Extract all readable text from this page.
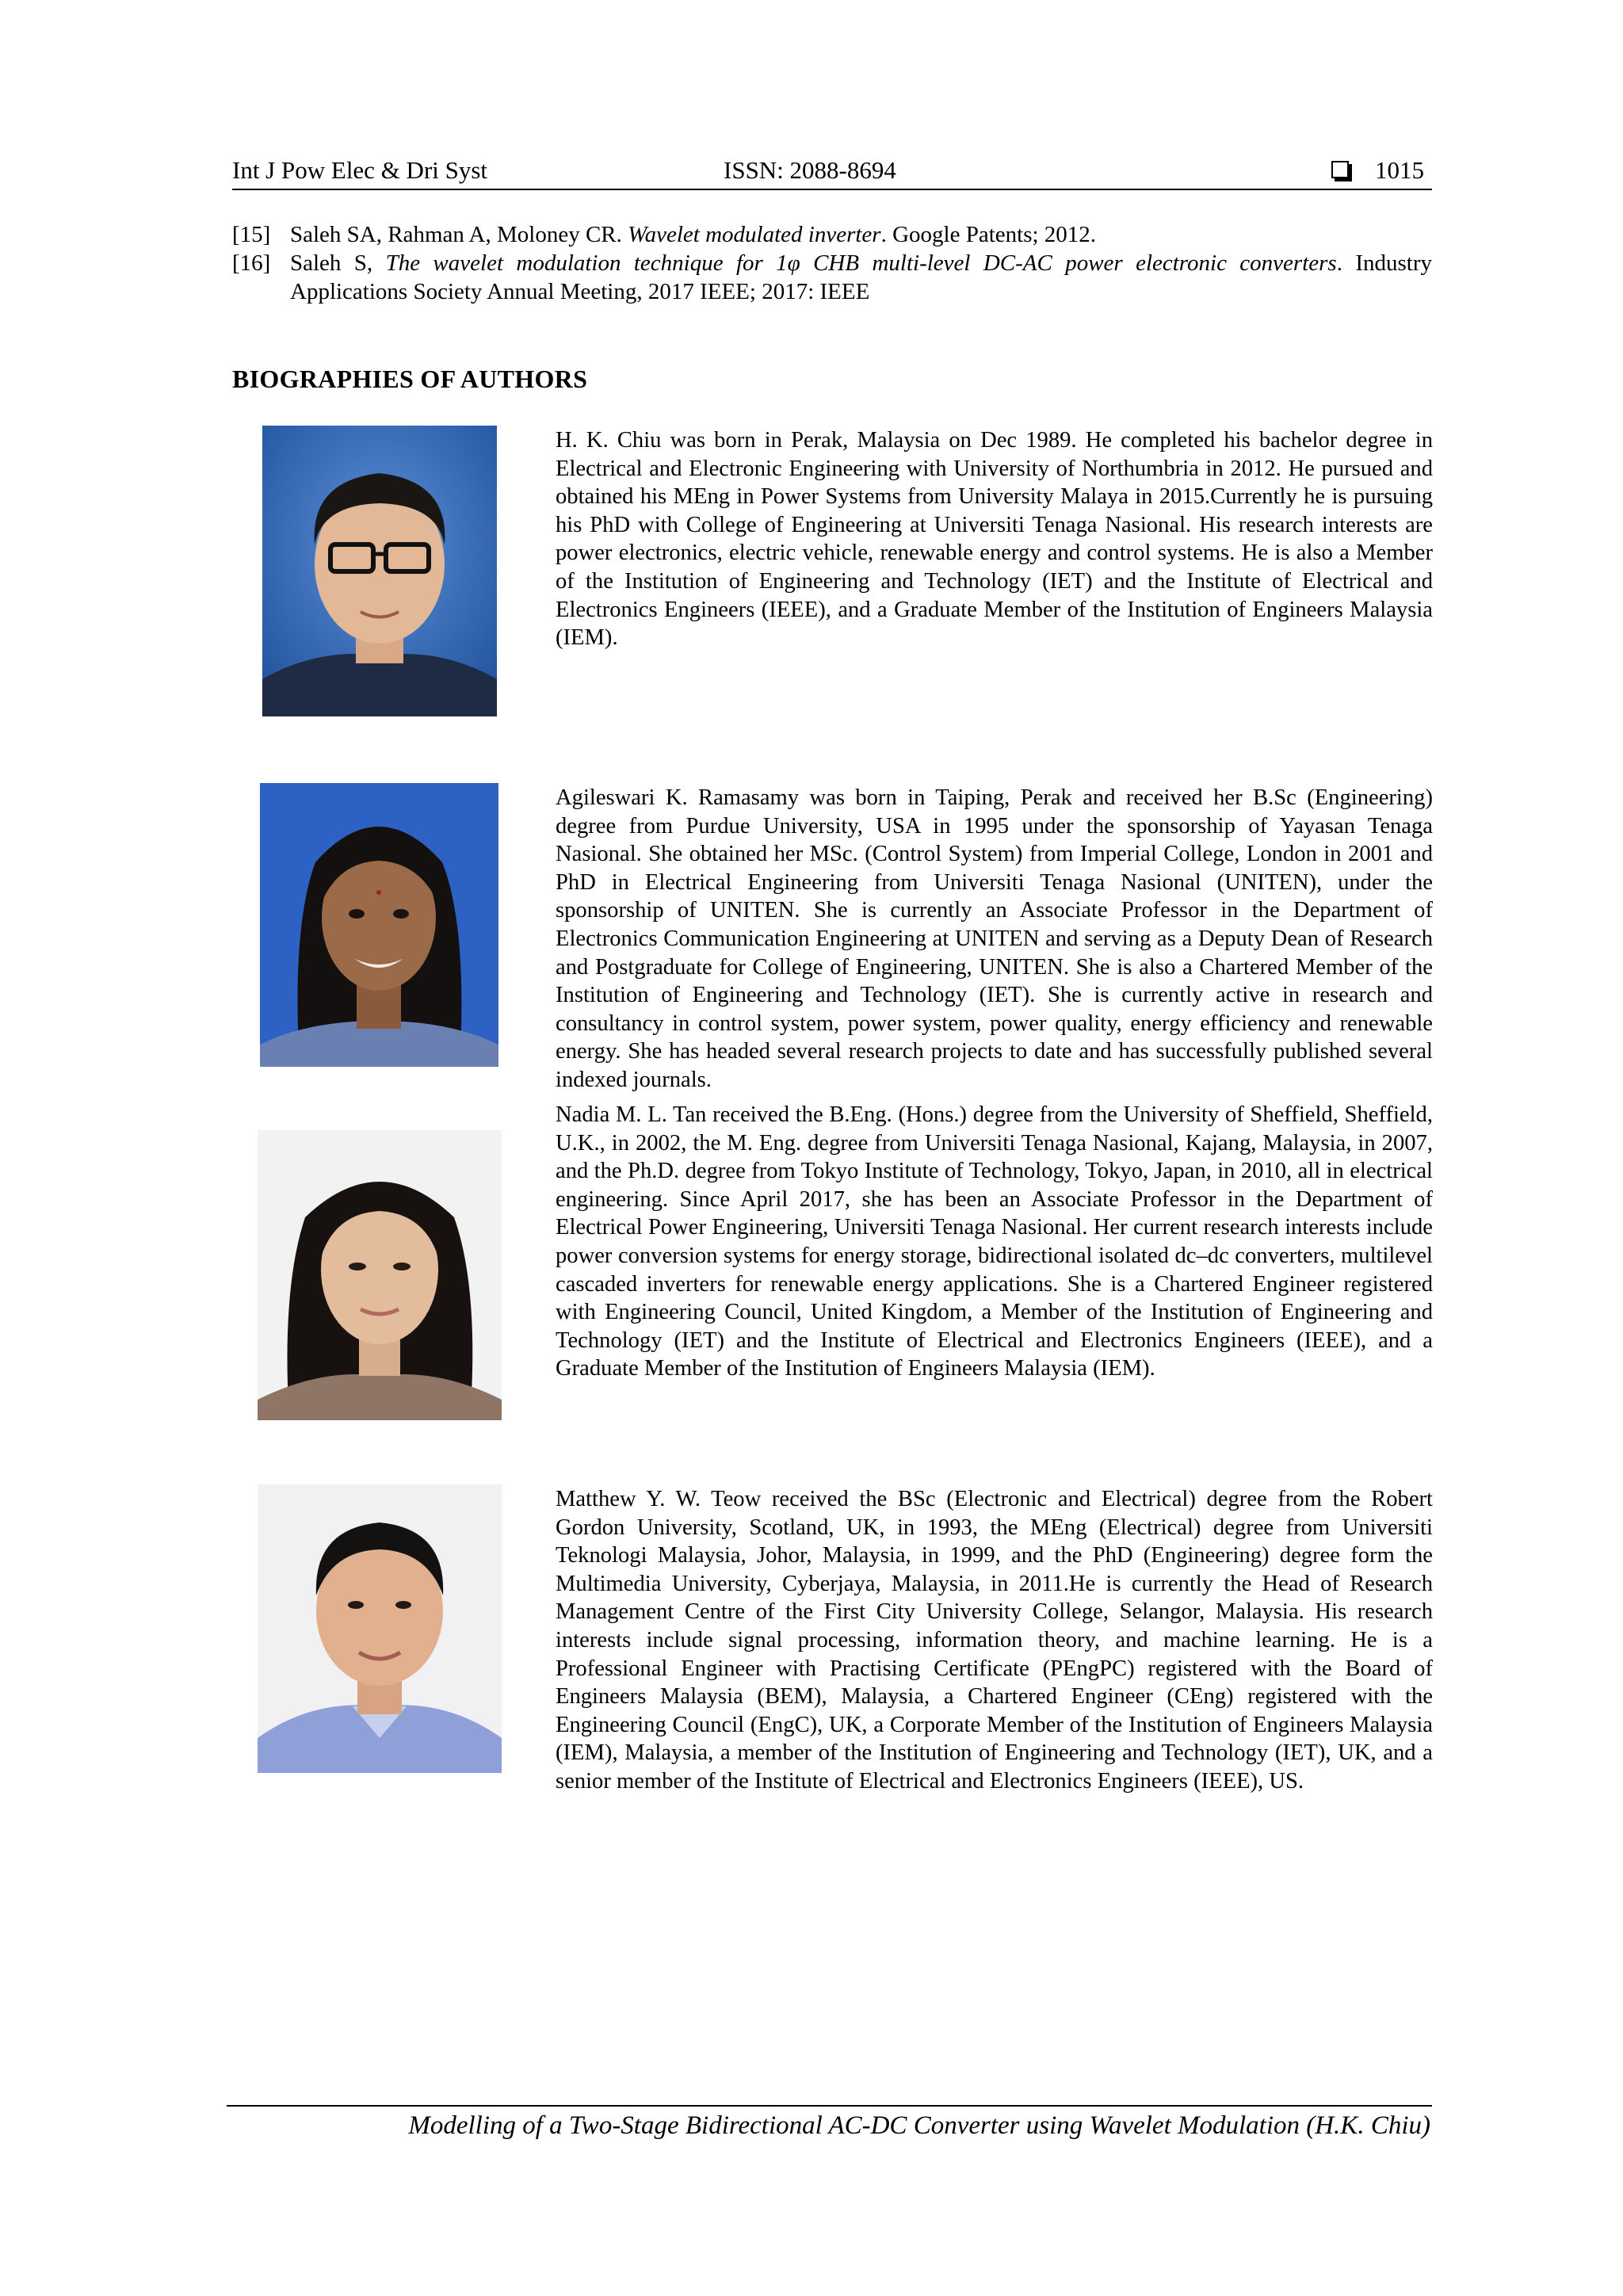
Int J Pow Elec & Dri Syst	ISSN: 2088-8694	1015
[15] Saleh SA, Rahman A, Moloney CR. Wavelet modulated inverter. Google Patents; 2012.
[16] Saleh S, The wavelet modulation technique for 1φ CHB multi-level DC-AC power electronic converters. Industry Applications Society Annual Meeting, 2017 IEEE; 2017: IEEE
BIOGRAPHIES OF AUTHORS
H. K. Chiu was born in Perak, Malaysia on Dec 1989. He completed his bachelor degree in Electrical and Electronic Engineering with University of Northumbria in 2012. He pursued and obtained his MEng in Power Systems from University Malaya in 2015.Currently he is pursuing his PhD with College of Engineering at Universiti Tenaga Nasional. His research interests are power electronics, electric vehicle, renewable energy and control systems. He is also a Member of the Institution of Engineering and Technology (IET) and the Institute of Electrical and Electronics Engineers (IEEE), and a Graduate Member of the Institution of Engineers Malaysia (IEM).
Agileswari K. Ramasamy was born in Taiping, Perak and received her B.Sc (Engineering) degree from Purdue University, USA in 1995 under the sponsorship of Yayasan Tenaga Nasional. She obtained her MSc. (Control System) from Imperial College, London in 2001 and PhD in Electrical Engineering from Universiti Tenaga Nasional (UNITEN), under the sponsorship of UNITEN. She is currently an Associate Professor in the Department of Electronics Communication Engineering at UNITEN and serving as a Deputy Dean of Research and Postgraduate for College of Engineering, UNITEN. She is also a Chartered Member of the Institution of Engineering and Technology (IET). She is currently active in research and consultancy in control system, power system, power quality, energy efficiency and renewable energy. She has headed several research projects to date and has successfully published several indexed journals.
Nadia M. L. Tan received the B.Eng. (Hons.) degree from the University of Sheffield, Sheffield, U.K., in 2002, the M. Eng. degree from Universiti Tenaga Nasional, Kajang, Malaysia, in 2007, and the Ph.D. degree from Tokyo Institute of Technology, Tokyo, Japan, in 2010, all in electrical engineering. Since April 2017, she has been an Associate Professor in the Department of Electrical Power Engineering, Universiti Tenaga Nasional. Her current research interests include power conversion systems for energy storage, bidirectional isolated dc–dc converters, multilevel cascaded inverters for renewable energy applications. She is a Chartered Engineer registered with Engineering Council, United Kingdom, a Member of the Institution of Engineering and Technology (IET) and the Institute of Electrical and Electronics Engineers (IEEE), and a Graduate Member of the Institution of Engineers Malaysia (IEM).
Matthew Y. W. Teow received the BSc (Electronic and Electrical) degree from the Robert Gordon University, Scotland, UK, in 1993, the MEng (Electrical) degree from Universiti Teknologi Malaysia, Johor, Malaysia, in 1999, and the PhD (Engineering) degree form the Multimedia University, Cyberjaya, Malaysia, in 2011.He is currently the Head of Research Management Centre of the First City University College, Selangor, Malaysia. His research interests include signal processing, information theory, and machine learning. He is a Professional Engineer with Practising Certificate (PEngPC) registered with the Board of Engineers Malaysia (BEM), Malaysia, a Chartered Engineer (CEng) registered with the Engineering Council (EngC), UK, a Corporate Member of the Institution of Engineers Malaysia (IEM), Malaysia, a member of the Institution of Engineering and Technology (IET), UK, and a senior member of the Institute of Electrical and Electronics Engineers (IEEE), US.
Modelling of a Two-Stage Bidirectional AC-DC Converter using Wavelet Modulation (H.K. Chiu)
